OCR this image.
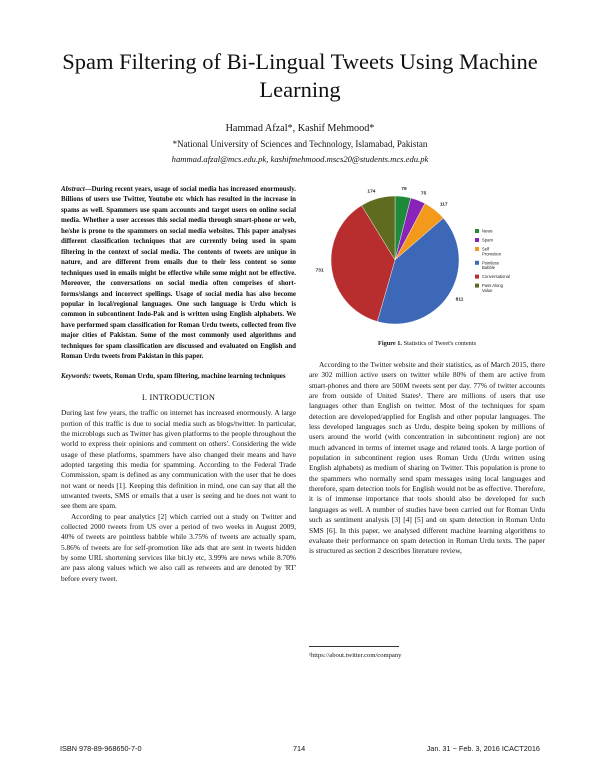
Spam Filtering of Bi-Lingual Tweets Using Machine Learning
Hammad Afzal*, Kashif Mehmood*
*National University of Sciences and Technology, Islamabad, Pakistan
hammad.afzal@mcs.edu.pk, kashifmehmood.mscs20@students.mcs.edu.pk

Abstract—During recent years, usage of social media has increased enormously. Billions of users use Twitter, Youtube etc which has resulted in the increase in spams as well. Spammers use spam accounts and target users on online social media. Whether a user accesses this social media through smart-phone or web, he/she is prone to the spammers on social media websites. This paper analyses different classification techniques that are currently being used in spam filtering in the context of social media. The contents of tweets are unique in nature, and are different from emails due to their less content so some techniques used in emails might be effective while some might not be effective. Moreover, the conversations on social media often comprises of short-forms/slangs and incorrect spellings. Usage of social media has also become popular in local/regional languages. One such language is Urdu which is common in subcontinent Indo-Pak and is written using English alphabets. We have performed spam classification for Roman Urdu tweets, collected from five major cities of Pakistan. Some of the most commonly used algorithms and techniques for spam classification are discussed and evaluated on English and Roman Urdu tweets from Pakistan in this paper.

Keywords: tweets, Roman Urdu, spam filtering, machine learning techniques

I. INTRODUCTION

During last few years, the traffic on internet has increased enormously. A large portion of this traffic is due to social media such as blogs/twitter. In particular, the microblogs such as Twitter has given platforms to the people throughout the world to express their opinions and comment on others'. Considering the wide usage of these platforms, spammers have also changed their means and have adopted targeting this media for spamming. According to the Federal Trade Commission, spam is defined as any communication with the user that he does not want or needs [1]. Keeping this definition in mind, one can say that all the unwanted tweets, SMS or emails that a user is seeing and he does not want to see them are spam.

According to pear analytics [2] which carried out a study on Twitter and collected 2000 tweets from US over a period of two weeks in August 2009, 40% of tweets are pointless babble while 3.75% of tweets are actually spam, 5.86% of tweets are for self-promotion like ads that are sent in tweets hidden by some URL shortening services like bit.ly etc, 3.99% are news while 8.70% are pass along values which we also call as retweets and are denoted by 'RT' before every tweet.

79
75
117
811
731
174
News
Spam
Self Promotion
Pointless Babble
Conversational
Pass Along Value
Figure 1. Statistics of Tweet's contents

According to the Twitter website and their statistics, as of March 2015, there are 302 million active users on twitter while 80% of them are active from smart-phones and there are 500M tweets sent per day. 77% of twitter accounts are from outside of United States¹. There are millions of users that use languages other than English on twitter. Most of the techniques for spam detection are developed/applied for English and other popular languages. The less developed languages such as Urdu, despite being spoken by millions of users around the world (with concentration in subcontinent region) are not much advanced in terms of internet usage and related tools. A large portion of population in subcontinent region uses Roman Urdu (Urdu written using English alphabets) as medium of sharing on Twitter. This population is prone to the spammers who normally send spam messages using local languages and therefore, spam detection tools for English would not be as effective. Therefore, it is of immense importance that tools should also be developed for such languages as well. A number of studies have been carried out for Roman Urdu such as sentiment analysis [3] [4] [5] and on spam detection in Roman Urdu SMS [6]. In this paper, we analysed different machine learning algorithms to evaluate their performance on spam detection in Roman Urdu texts. The paper is structured as section 2 describes literature review,

¹https://about.twitter.com/company
ISBN 978-89-968650-7-0	714	Jan. 31 ~ Feb. 3, 2016 ICACT2016
